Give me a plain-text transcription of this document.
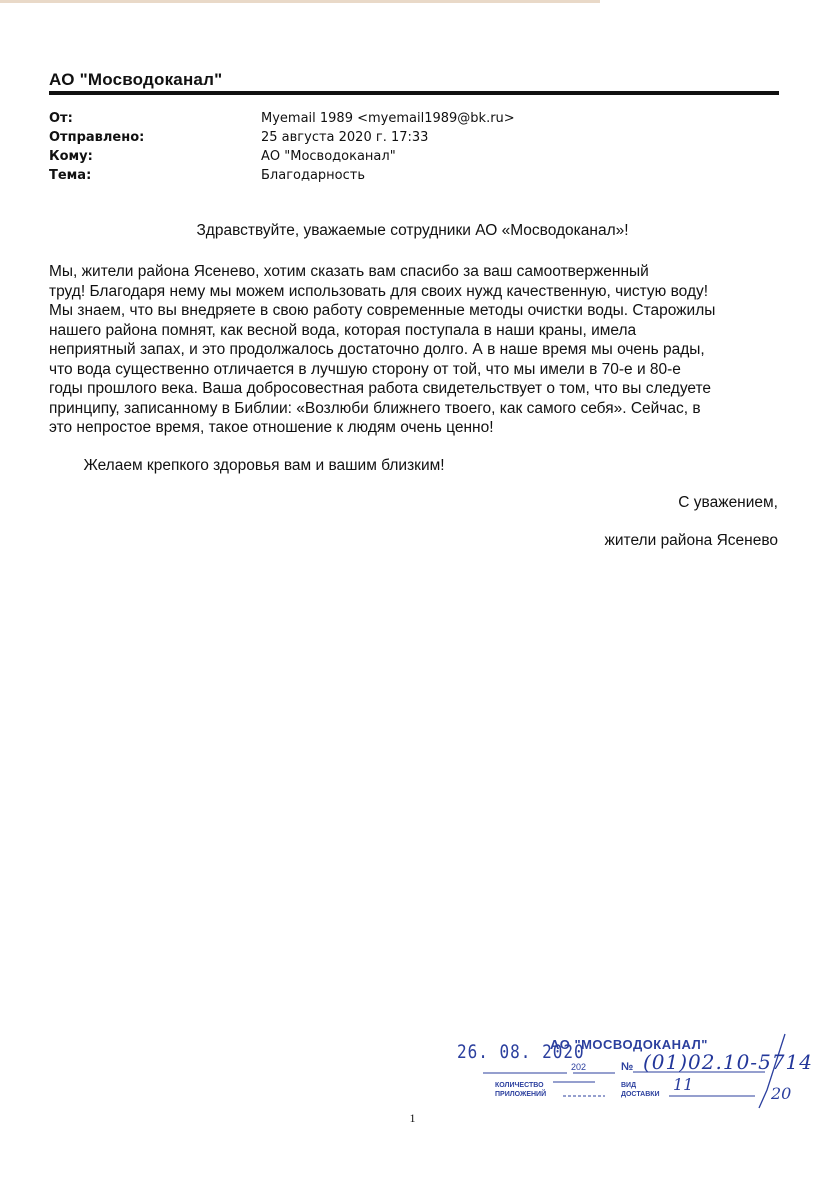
АО "Мосводоканал"
От:	Myemail 1989 <myemail1989@bk.ru>
Отправлено:	25 августа 2020 г. 17:33
Кому:	АО "Мосводоканал"
Тема:	Благодарность
Здравствуйте, уважаемые сотрудники АО «Мосводоканал»!
Мы, жители района Ясенево, хотим сказать вам спасибо за ваш самоотверженный
труд! Благодаря нему мы можем использовать для своих нужд качественную, чистую воду!
Мы знаем, что вы внедряете в свою работу современные методы очистки воды. Старожилы
нашего района помнят, как весной вода, которая поступала в наши краны, имела
неприятный запах, и это продолжалось достаточно долго. А в наше время мы очень рады,
что вода существенно отличается в лучшую сторону от той, что мы имели в 70-е и 80-е
годы прошлого века. Ваша добросовестная работа свидетельствует о том, что вы следуете
принципу, записанному в Библии: «Возлюби ближнего твоего, как самого себя». Сейчас, в
это непростое время, такое отношение к людям очень ценно!
Желаем крепкого здоровья вам и вашим близким!
С уважением,
жители района Ясенево
26. 08. 2020
АО "МОСВОДОКАНАЛ"
202	№ (01)02.10-5714
КОЛИЧЕСТВО
ПРИЛОЖЕНИЙ
ВИД
ДОСТАВКИ
11	20
1
